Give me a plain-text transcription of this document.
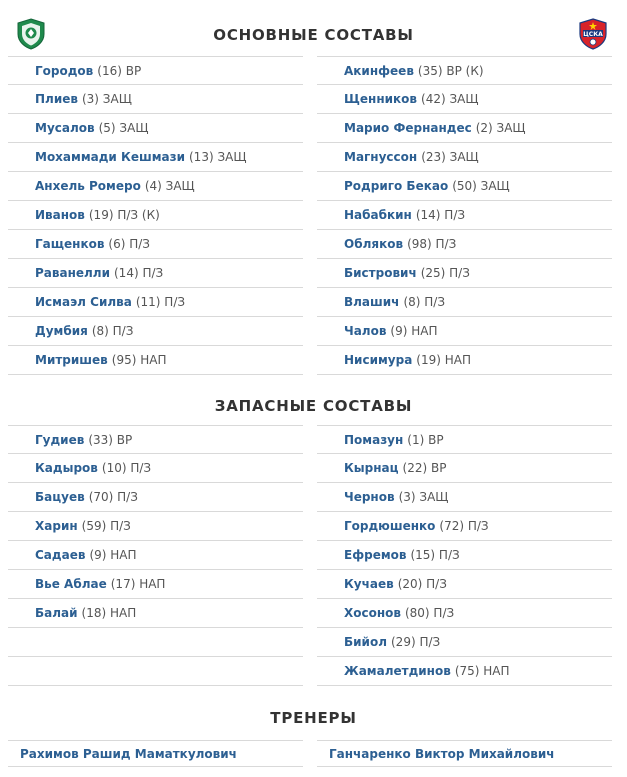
ОСНОВНЫЕ СОСТАВЫ	ЦСКА
Городов (16) ВР
Плиев (3) ЗАЩ
Мусалов (5) ЗАЩ
Мохаммади Кешмази (13) ЗАЩ
Анхель Ромеро (4) ЗАЩ
Иванов (19) П/З (К)
Гащенков (6) П/З
Раванелли (14) П/З
Исмаэл Силва (11) П/З
Думбия (8) П/З
Митришев (95) НАП
Акинфеев (35) ВР (К)
Щенников (42) ЗАЩ
Марио Фернандес (2) ЗАЩ
Магнуссон (23) ЗАЩ
Родриго Бекао (50) ЗАЩ
Набабкин (14) П/З
Обляков (98) П/З
Бистрович (25) П/З
Влашич (8) П/З
Чалов (9) НАП
Нисимура (19) НАП
ЗАПАСНЫЕ СОСТАВЫ
Гудиев (33) ВР
Кадыров (10) П/З
Бацуев (70) П/З
Харин (59) П/З
Садаев (9) НАП
Вье Аблае (17) НАП
Балай (18) НАП
Помазун (1) ВР
Кырнац (22) ВР
Чернов (3) ЗАЩ
Гордюшенко (72) П/З
Ефремов (15) П/З
Кучаев (20) П/З
Хосонов (80) П/З
Бийол (29) П/З
Жамалетдинов (75) НАП
ТРЕНЕРЫ
Рахимов Рашид Маматкулович	Ганчаренко Виктор Михайлович
